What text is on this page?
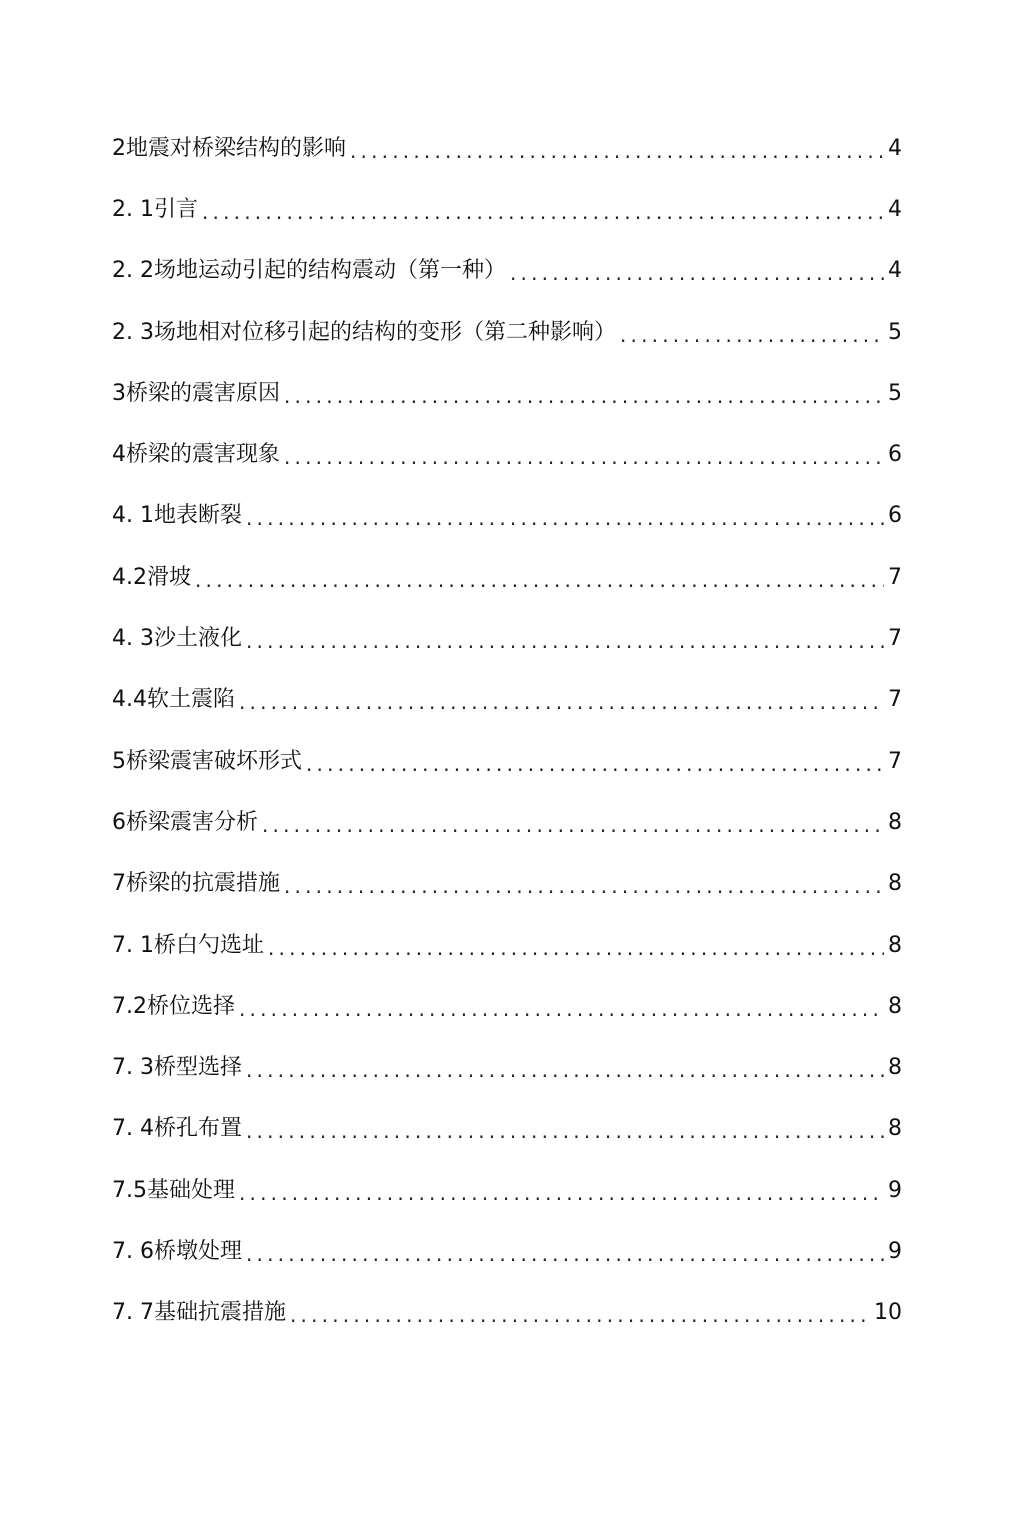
2地震对桥梁结构的影响 .....	4
2. 1引言 .....	4
2. 2场地运动引起的结构震动（第一种） .....	4
2. 3场地相对位移引起的结构的变形（第二种影响） .....	5
3桥梁的震害原因 .....	5
4桥梁的震害现象 .....	6
4. 1地表断裂 .....	6
4.2滑坡 .....	7
4. 3沙土液化 .....	7
4.4软土震陷 .....	7
5桥梁震害破坏形式 .....	7
6桥梁震害分析 .....	8
7桥梁的抗震措施 .....	8
7. 1桥白勺选址 .....	8
7.2桥位选择 .....	8
7. 3桥型选择 .....	8
7. 4桥孔布置 .....	8
7.5基础处理 .....	9
7. 6桥墩处理 .....	9
7. 7基础抗震措施 .....	10
